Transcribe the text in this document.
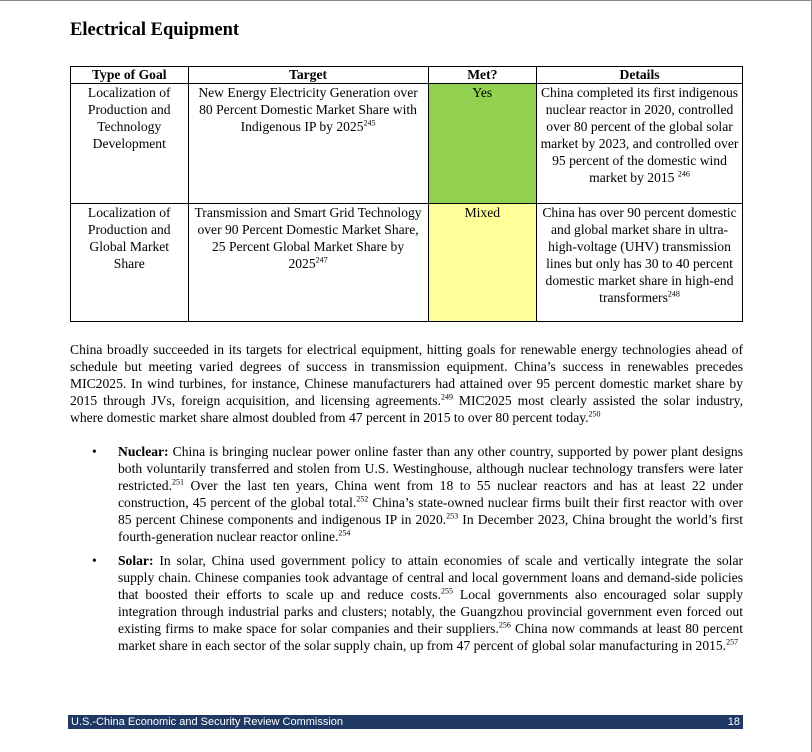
Electrical Equipment
Type of Goal	Target	Met?	Details
Localization of Production and Technology Development	New Energy Electricity Generation over 80 Percent Domestic Market Share with Indigenous IP by 2025$^{245}$	Yes	China completed its first indigenous nuclear reactor in 2020, controlled over 80 percent of the global solar market by 2023, and controlled over 95 percent of the domestic wind market by 2015 $^{246}$
Localization of Production and Global Market Share	Transmission and Smart Grid Technology over 90 Percent Domestic Market Share, 25 Percent Global Market Share by 2025$^{247}$	Mixed	China has over 90 percent domestic and global market share in ultra-high-voltage (UHV) transmission lines but only has 30 to 40 percent domestic market share in high-end transformers$^{248}$

China broadly succeeded in its targets for electrical equipment, hitting goals for renewable energy technologies ahead of schedule but meeting varied degrees of success in transmission equipment. China’s success in renewables precedes MIC2025. In wind turbines, for instance, Chinese manufacturers had attained over 95 percent domestic market share by 2015 through JVs, foreign acquisition, and licensing agreements.$^{249}$ MIC2025 most clearly assisted the solar industry, where domestic market share almost doubled from 47 percent in 2015 to over 80 percent today.$^{250}$

• Nuclear: China is bringing nuclear power online faster than any other country, supported by power plant designs both voluntarily transferred and stolen from U.S. Westinghouse, although nuclear technology transfers were later restricted.$^{251}$ Over the last ten years, China went from 18 to 55 nuclear reactors and has at least 22 under construction, 45 percent of the global total.$^{252}$ China’s state-owned nuclear firms built their first reactor with over 85 percent Chinese components and indigenous IP in 2020.$^{253}$ In December 2023, China brought the world’s first fourth-generation nuclear reactor online.$^{254}$

• Solar: In solar, China used government policy to attain economies of scale and vertically integrate the solar supply chain. Chinese companies took advantage of central and local government loans and demand-side policies that boosted their efforts to scale up and reduce costs.$^{255}$ Local governments also encouraged solar supply integration through industrial parks and clusters; notably, the Guangzhou provincial government even forced out existing firms to make space for solar companies and their suppliers.$^{256}$ China now commands at least 80 percent market share in each sector of the solar supply chain, up from 47 percent of global solar manufacturing in 2015.$^{257}$

U.S.-China Economic and Security Review Commission	18
